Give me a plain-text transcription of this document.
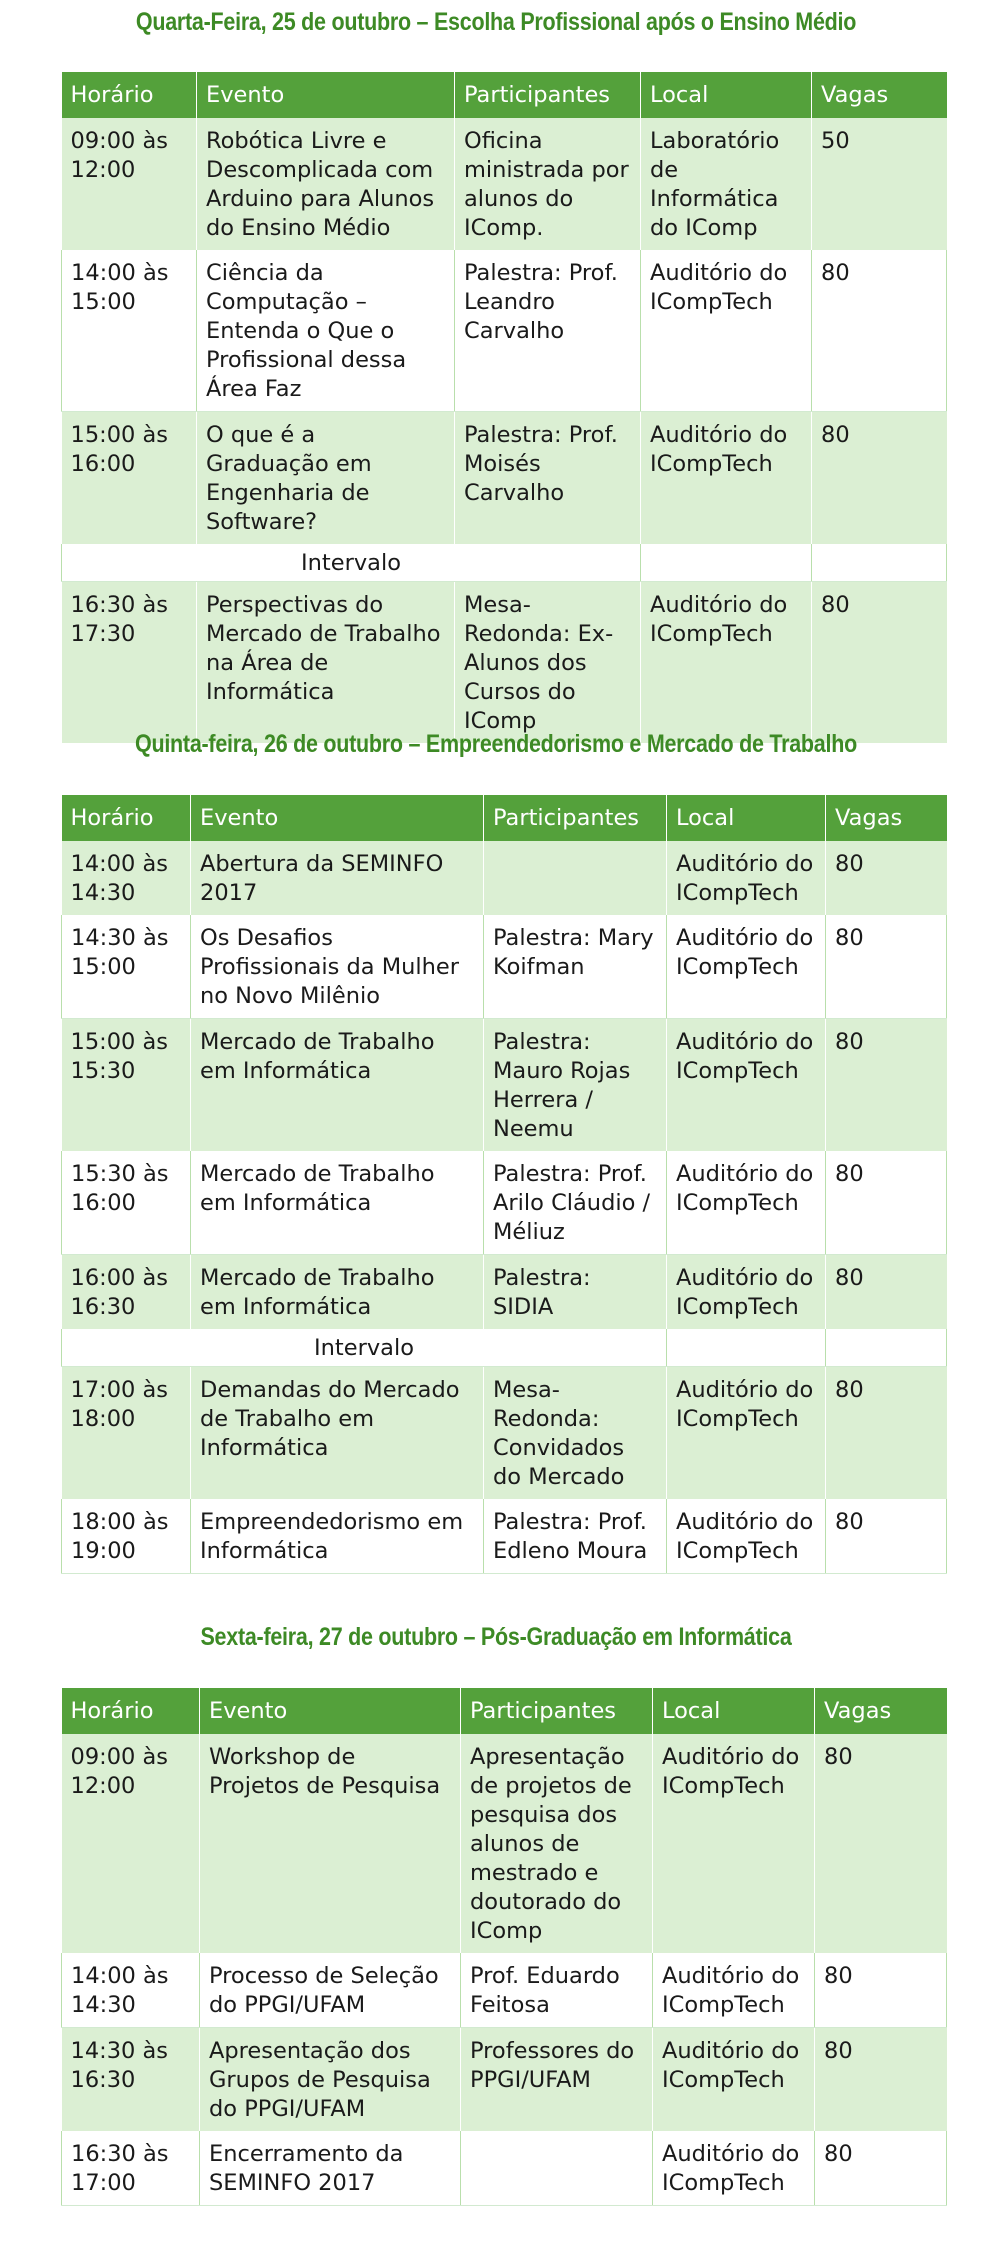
Quarta-Feira, 25 de outubro – Escolha Profissional após o Ensino Médio
Horário	Evento	Participantes	Local	Vagas
09:00 às 12:00	Robótica Livre e Descomplicada com Arduino para Alunos do Ensino Médio	Oficina ministrada por alunos do IComp.	Laboratório de Informática do IComp	50
14:00 às 15:00	Ciência da Computação – Entenda o Que o Profissional dessa Área Faz	Palestra: Prof. Leandro Carvalho	Auditório do ICompTech	80
15:00 às 16:00	O que é a Graduação em Engenharia de Software?	Palestra: Prof. Moisés Carvalho	Auditório do ICompTech	80
Intervalo				
16:30 às 17:30	Perspectivas do Mercado de Trabalho na Área de Informática	Mesa-Redonda: Ex-Alunos dos Cursos do IComp	Auditório do ICompTech	80
Quinta-feira, 26 de outubro – Empreendedorismo e Mercado de Trabalho
Horário	Evento	Participantes	Local	Vagas
14:00 às 14:30	Abertura da SEMINFO 2017		Auditório do ICompTech	80
14:30 às 15:00	Os Desafios Profissionais da Mulher no Novo Milênio	Palestra: Mary Koifman	Auditório do ICompTech	80
15:00 às 15:30	Mercado de Trabalho em Informática	Palestra: Mauro Rojas Herrera / Neemu	Auditório do ICompTech	80
15:30 às 16:00	Mercado de Trabalho em Informática	Palestra: Prof. Arilo Cláudio / Méliuz	Auditório do ICompTech	80
16:00 às 16:30	Mercado de Trabalho em Informática	Palestra: SIDIA	Auditório do ICompTech	80
Intervalo				
17:00 às 18:00	Demandas do Mercado de Trabalho em Informática	Mesa-Redonda: Convidados do Mercado	Auditório do ICompTech	80
18:00 às 19:00	Empreendedorismo em Informática	Palestra: Prof. Edleno Moura	Auditório do ICompTech	80
Sexta-feira, 27 de outubro – Pós-Graduação em Informática
Horário	Evento	Participantes	Local	Vagas
09:00 às 12:00	Workshop de Projetos de Pesquisa	Apresentação de projetos de pesquisa dos alunos de mestrado e doutorado do IComp	Auditório do ICompTech	80
14:00 às 14:30	Processo de Seleção do PPGI/UFAM	Prof. Eduardo Feitosa	Auditório do ICompTech	80
14:30 às 16:30	Apresentação dos Grupos de Pesquisa do PPGI/UFAM	Professores do PPGI/UFAM	Auditório do ICompTech	80
16:30 às 17:00	Encerramento da SEMINFO 2017		Auditório do ICompTech	80
